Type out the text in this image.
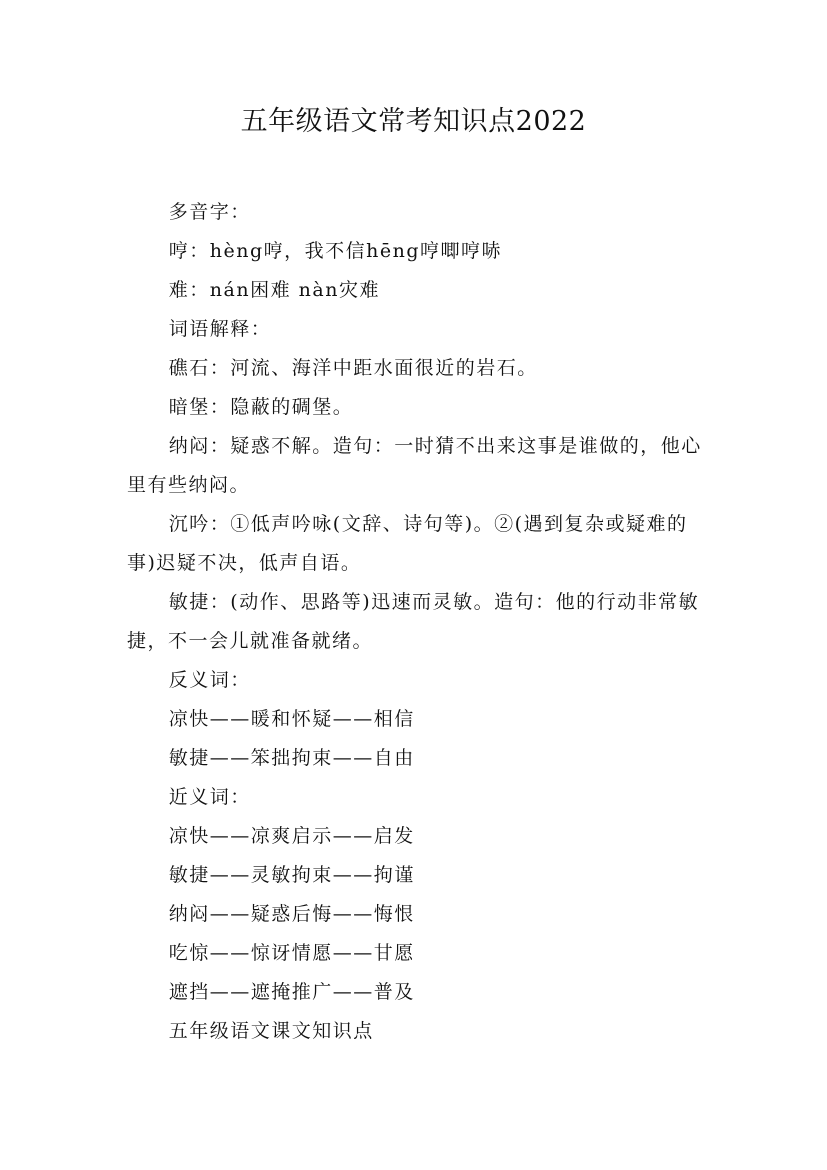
五年级语文常考知识点2022

多音字：

哼：hèng哼，我不信hēng哼唧哼哧

难：nán困难 nàn灾难

词语解释：

礁石：河流、海洋中距水面很近的岩石。

暗堡：隐蔽的碉堡。

纳闷：疑惑不解。造句：一时猜不出来这事是谁做的，他心里有些纳闷。

沉吟：①低声吟咏(文辞、诗句等)。②(遇到复杂或疑难的事)迟疑不决，低声自语。

敏捷：(动作、思路等)迅速而灵敏。造句：他的行动非常敏捷，不一会儿就准备就绪。

反义词：

凉快——暖和怀疑——相信

敏捷——笨拙拘束——自由

近义词：

凉快——凉爽启示——启发

敏捷——灵敏拘束——拘谨

纳闷——疑惑后悔——悔恨

吃惊——惊讶情愿——甘愿

遮挡——遮掩推广——普及

五年级语文课文知识点
